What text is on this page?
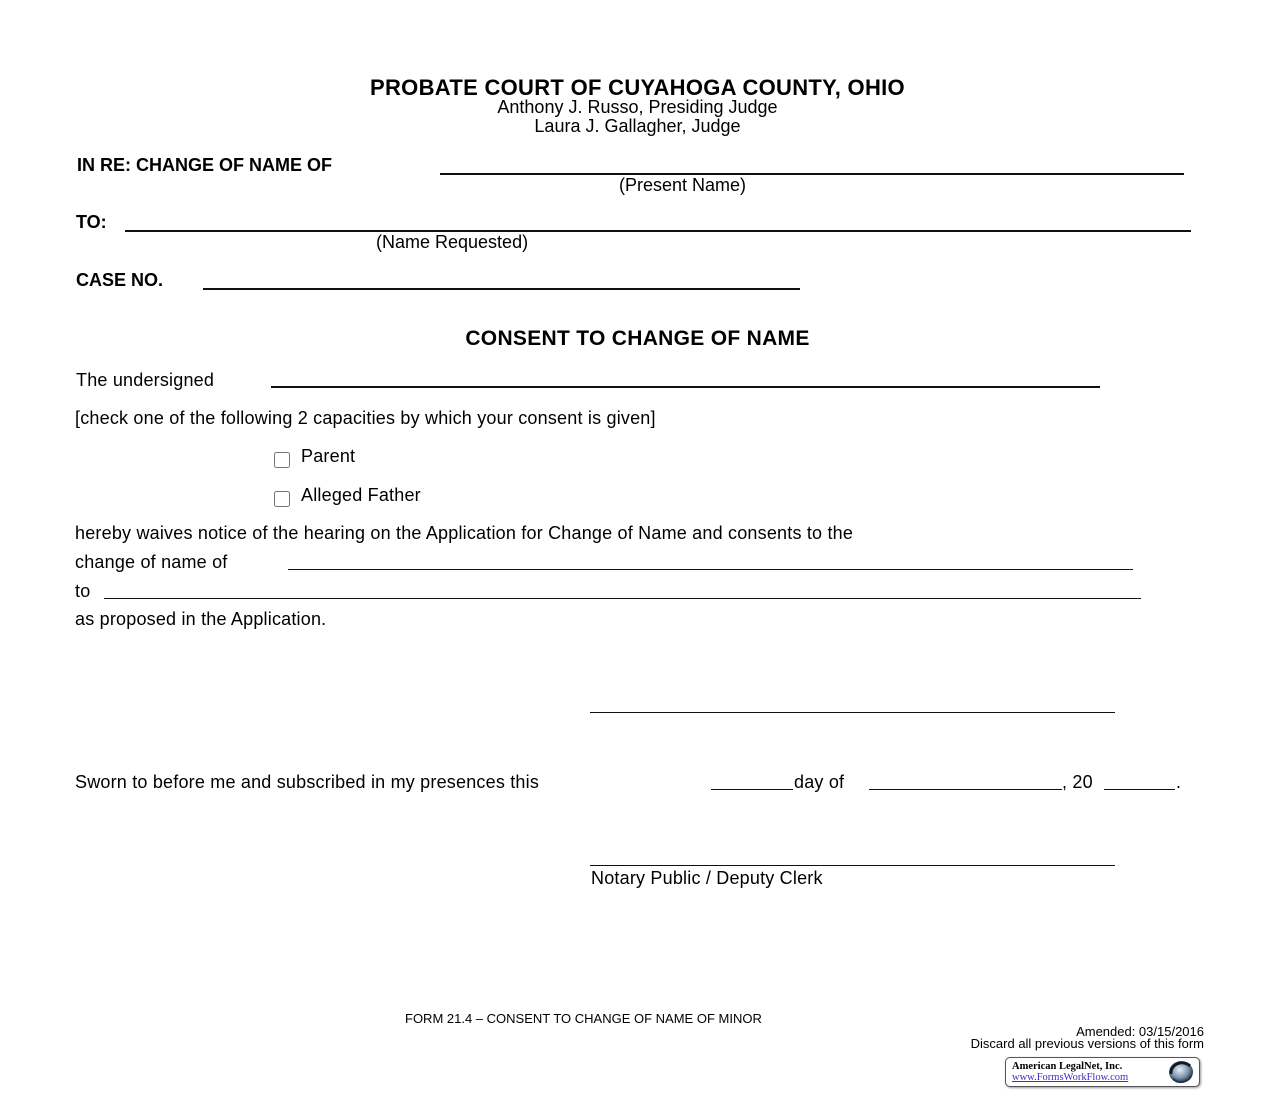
PROBATE COURT OF CUYAHOGA COUNTY, OHIO
Anthony J. Russo, Presiding Judge
Laura J. Gallagher, Judge
IN RE: CHANGE OF NAME OF
(Present Name)
TO:
(Name Requested)
CASE NO.
CONSENT TO CHANGE OF NAME
The undersigned
[check one of the following 2 capacities by which your consent is given]
Parent
Alleged Father
hereby waives notice of the hearing on the Application for Change of Name and consents to the
change of name of
to
as proposed in the Application.
Sworn to before me and subscribed in my presences this	day of	, 20	.
Notary Public / Deputy Clerk
FORM 21.4 – CONSENT TO CHANGE OF NAME OF MINOR
Amended: 03/15/2016
Discard all previous versions of this form
American LegalNet, Inc.
www.FormsWorkFlow.com
